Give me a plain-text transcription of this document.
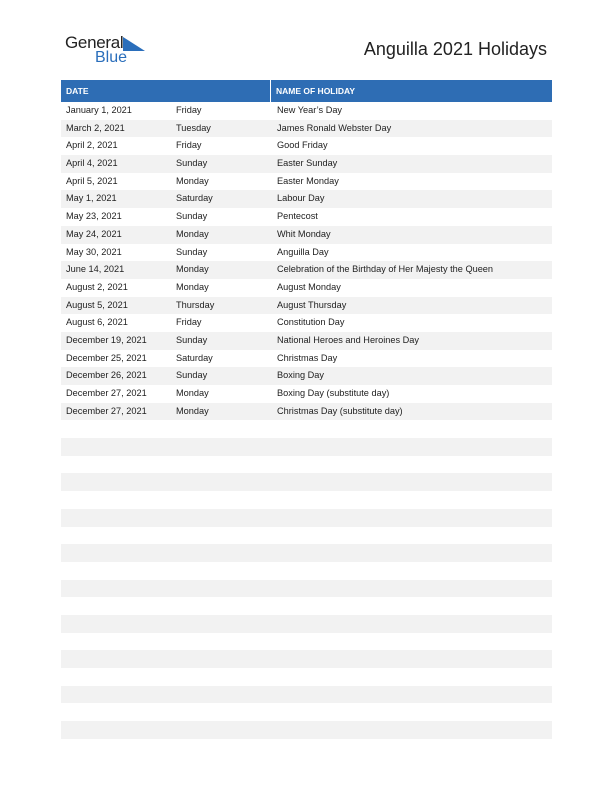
General
Blue	Anguilla 2021 Holidays
DATE	NAME OF HOLIDAY
January 1, 2021	Friday	New Year’s Day
March 2, 2021	Tuesday	James Ronald Webster Day
April 2, 2021	Friday	Good Friday
April 4, 2021	Sunday	Easter Sunday
April 5, 2021	Monday	Easter Monday
May 1, 2021	Saturday	Labour Day
May 23, 2021	Sunday	Pentecost
May 24, 2021	Monday	Whit Monday
May 30, 2021	Sunday	Anguilla Day
June 14, 2021	Monday	Celebration of the Birthday of Her Majesty the Queen
August 2, 2021	Monday	August Monday
August 5, 2021	Thursday	August Thursday
August 6, 2021	Friday	Constitution Day
December 19, 2021	Sunday	National Heroes and Heroines Day
December 25, 2021	Saturday	Christmas Day
December 26, 2021	Sunday	Boxing Day
December 27, 2021	Monday	Boxing Day (substitute day)
December 27, 2021	Monday	Christmas Day (substitute day)
